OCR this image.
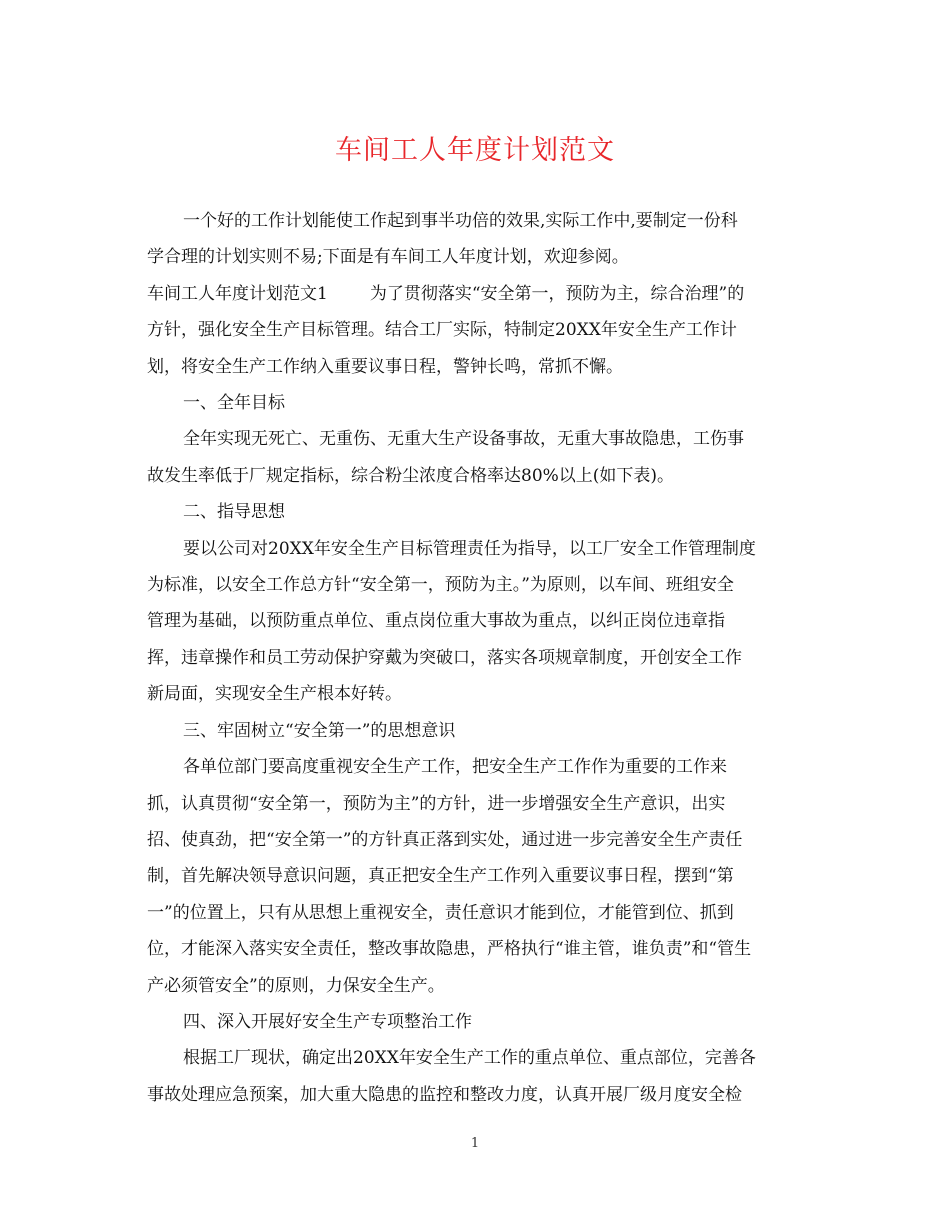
车间工人年度计划范文

一个好的工作计划能使工作起到事半功倍的效果,实际工作中,要制定一份科
学合理的计划实则不易;下面是有车间工人年度计划，欢迎参阅。

车间工人年度计划范文1 为了贯彻落实“安全第一，预防为主，综合治理”的
方针，强化安全生产目标管理。结合工厂实际，特制定20XX年安全生产工作计
划，将安全生产工作纳入重要议事日程，警钟长鸣，常抓不懈。

一、全年目标

全年实现无死亡、无重伤、无重大生产设备事故，无重大事故隐患，工伤事
故发生率低于厂规定指标，综合粉尘浓度合格率达80%以上(如下表)。

二、指导思想

要以公司对20XX年安全生产目标管理责任为指导，以工厂安全工作管理制度
为标准，以安全工作总方针“安全第一，预防为主。”为原则，以车间、班组安全
管理为基础，以预防重点单位、重点岗位重大事故为重点，以纠正岗位违章指
挥，违章操作和员工劳动保护穿戴为突破口，落实各项规章制度，开创安全工作
新局面，实现安全生产根本好转。

三、牢固树立“安全第一”的思想意识

各单位部门要高度重视安全生产工作，把安全生产工作作为重要的工作来
抓，认真贯彻“安全第一，预防为主”的方针，进一步增强安全生产意识，出实
招、使真劲，把“安全第一”的方针真正落到实处，通过进一步完善安全生产责任
制，首先解决领导意识问题，真正把安全生产工作列入重要议事日程，摆到“第
一”的位置上，只有从思想上重视安全，责任意识才能到位，才能管到位、抓到
位，才能深入落实安全责任，整改事故隐患，严格执行“谁主管，谁负责”和“管生
产必须管安全”的原则，力保安全生产。

四、深入开展好安全生产专项整治工作

根据工厂现状，确定出20XX年安全生产工作的重点单位、重点部位，完善各
事故处理应急预案，加大重大隐患的监控和整改力度，认真开展厂级月度安全检

1
